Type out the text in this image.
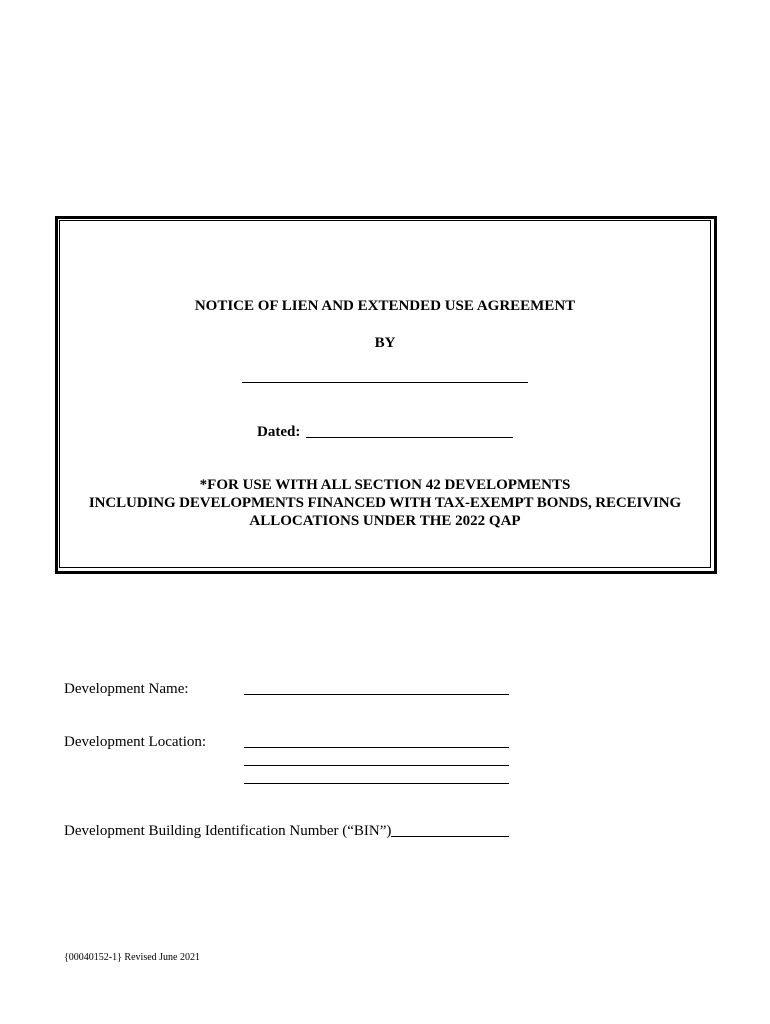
NOTICE OF LIEN AND EXTENDED USE AGREEMENT
BY
Dated:
*FOR USE WITH ALL SECTION 42 DEVELOPMENTS
INCLUDING DEVELOPMENTS FINANCED WITH TAX-EXEMPT BONDS, RECEIVING
ALLOCATIONS UNDER THE 2022 QAP
Development Name:
Development Location:
Development Building Identification Number (“BIN”)
{00040152-1} Revised June 2021
